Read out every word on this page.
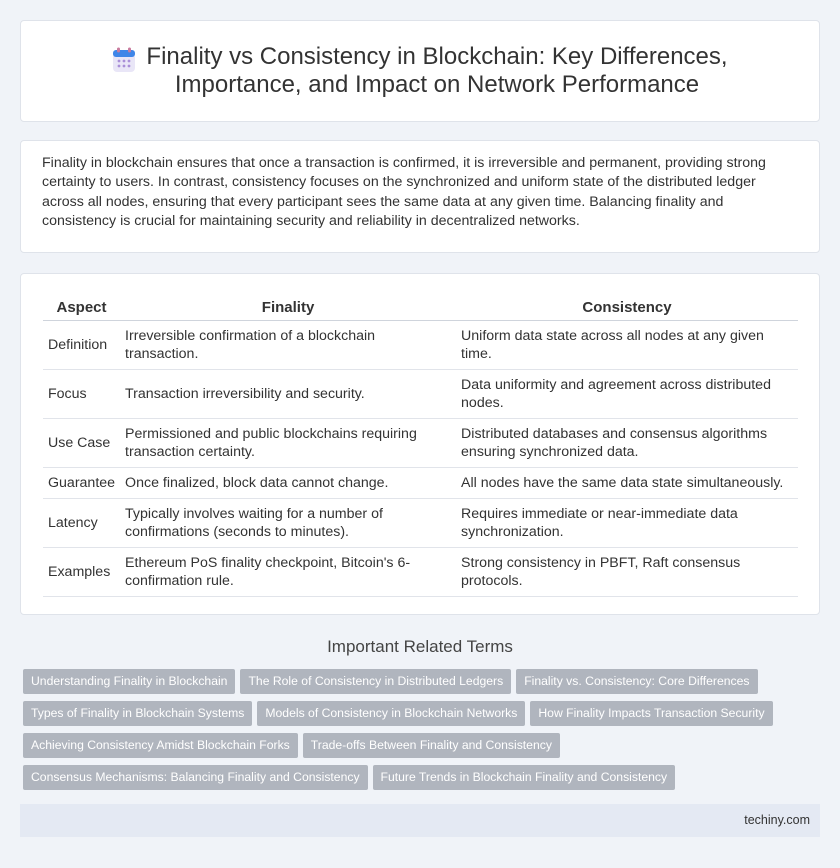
Finality vs Consistency in Blockchain: Key Differences,
Importance, and Impact on Network Performance

Finality in blockchain ensures that once a transaction is confirmed, it is irreversible and permanent, providing strong certainty to users. In contrast, consistency focuses on the synchronized and uniform state of the distributed ledger across all nodes, ensuring that every participant sees the same data at any given time. Balancing finality and consistency is crucial for maintaining security and reliability in decentralized networks.

Aspect	Finality	Consistency
Definition	Irreversible confirmation of a blockchain transaction.	Uniform data state across all nodes at any given time.
Focus	Transaction irreversibility and security.	Data uniformity and agreement across distributed nodes.
Use Case	Permissioned and public blockchains requiring transaction certainty.	Distributed databases and consensus algorithms ensuring synchronized data.
Guarantee	Once finalized, block data cannot change.	All nodes have the same data state simultaneously.
Latency	Typically involves waiting for a number of confirmations (seconds to minutes).	Requires immediate or near-immediate data synchronization.
Examples	Ethereum PoS finality checkpoint, Bitcoin's 6-confirmation rule.	Strong consistency in PBFT, Raft consensus protocols.
Important Related Terms
Understanding Finality in Blockchain The Role of Consistency in Distributed Ledgers Finality vs. Consistency: Core Differences
Types of Finality in Blockchain Systems Models of Consistency in Blockchain Networks How Finality Impacts Transaction Security
Achieving Consistency Amidst Blockchain Forks Trade-offs Between Finality and Consistency
Consensus Mechanisms: Balancing Finality and Consistency Future Trends in Blockchain Finality and Consistency
techiny.com
